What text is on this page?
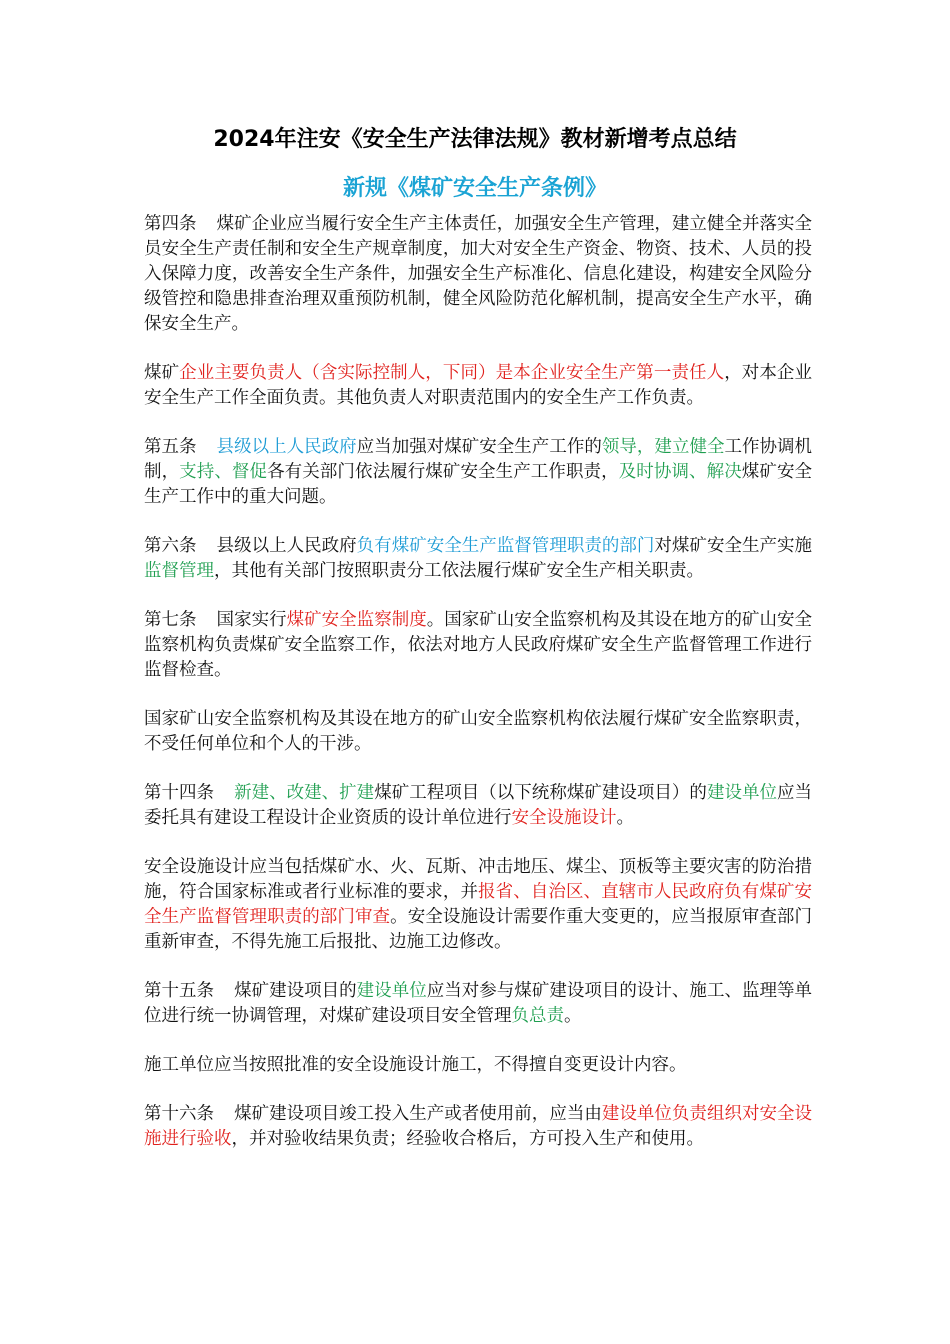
2024年注安《安全生产法律法规》教材新增考点总结
新规《煤矿安全生产条例》

第四条 煤矿企业应当履行安全生产主体责任，加强安全生产管理，建立健全并落实全员安全生产责任制和安全生产规章制度，加大对安全生产资金、物资、技术、人员的投入保障力度，改善安全生产条件，加强安全生产标准化、信息化建设，构建安全风险分级管控和隐患排查治理双重预防机制，健全风险防范化解机制，提高安全生产水平，确保安全生产。

煤矿企业主要负责人（含实际控制人，下同）是本企业安全生产第一责任人，对本企业安全生产工作全面负责。其他负责人对职责范围内的安全生产工作负责。

第五条 县级以上人民政府应当加强对煤矿安全生产工作的领导，建立健全工作协调机制，支持、督促各有关部门依法履行煤矿安全生产工作职责，及时协调、解决煤矿安全生产工作中的重大问题。

第六条 县级以上人民政府负有煤矿安全生产监督管理职责的部门对煤矿安全生产实施监督管理，其他有关部门按照职责分工依法履行煤矿安全生产相关职责。

第七条 国家实行煤矿安全监察制度。国家矿山安全监察机构及其设在地方的矿山安全监察机构负责煤矿安全监察工作，依法对地方人民政府煤矿安全生产监督管理工作进行监督检查。

国家矿山安全监察机构及其设在地方的矿山安全监察机构依法履行煤矿安全监察职责，不受任何单位和个人的干涉。

第十四条 新建、改建、扩建煤矿工程项目（以下统称煤矿建设项目）的建设单位应当委托具有建设工程设计企业资质的设计单位进行安全设施设计。

安全设施设计应当包括煤矿水、火、瓦斯、冲击地压、煤尘、顶板等主要灾害的防治措施，符合国家标准或者行业标准的要求，并报省、自治区、直辖市人民政府负有煤矿安全生产监督管理职责的部门审查。安全设施设计需要作重大变更的，应当报原审查部门重新审查，不得先施工后报批、边施工边修改。

第十五条 煤矿建设项目的建设单位应当对参与煤矿建设项目的设计、施工、监理等单位进行统一协调管理，对煤矿建设项目安全管理负总责。

施工单位应当按照批准的安全设施设计施工，不得擅自变更设计内容。

第十六条 煤矿建设项目竣工投入生产或者使用前，应当由建设单位负责组织对安全设施进行验收，并对验收结果负责；经验收合格后，方可投入生产和使用。
